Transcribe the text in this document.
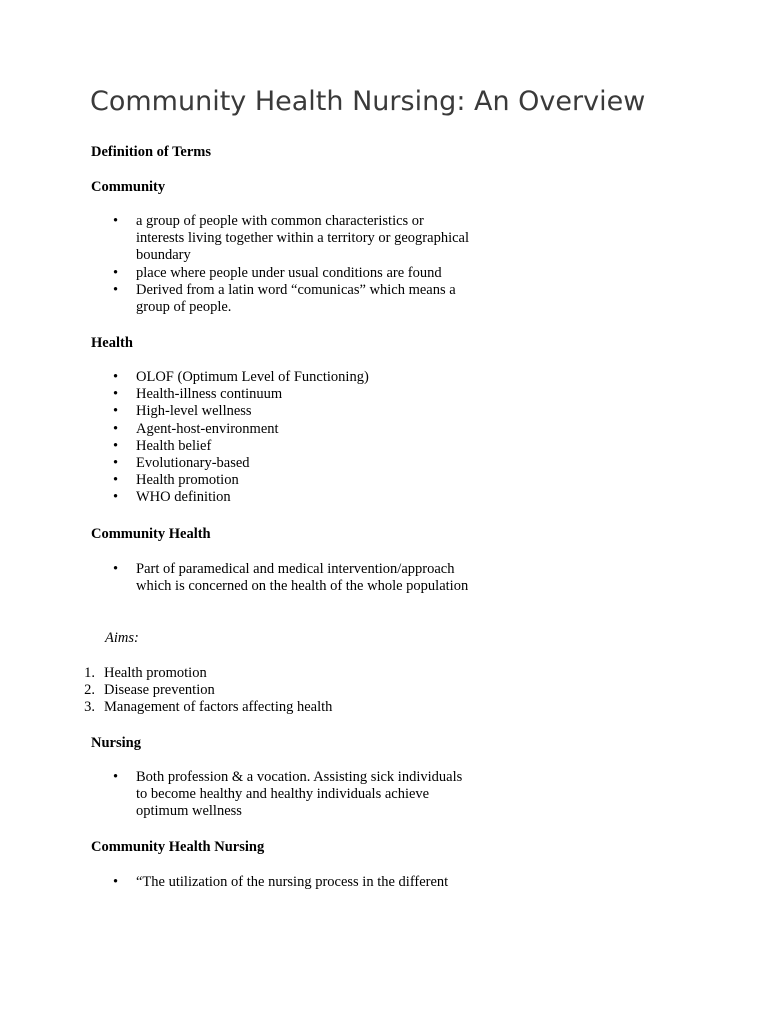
Community Health Nursing: An Overview
Definition of Terms
Community
• a group of people with common characteristics or interests living together within a territory or geographical boundary
• place where people under usual conditions are found
• Derived from a latin word “comunicas” which means a group of people.
Health
• OLOF (Optimum Level of Functioning)
• Health-illness continuum
• High-level wellness
• Agent-host-environment
• Health belief
• Evolutionary-based
• Health promotion
• WHO definition
Community Health
• Part of paramedical and medical intervention/approach which is concerned on the health of the whole population

Aims:

1. Health promotion
2. Disease prevention
3. Management of factors affecting health
Nursing
• Both profession & a vocation. Assisting sick individuals to become healthy and healthy individuals achieve optimum wellness
Community Health Nursing
• “The utilization of the nursing process in the different
